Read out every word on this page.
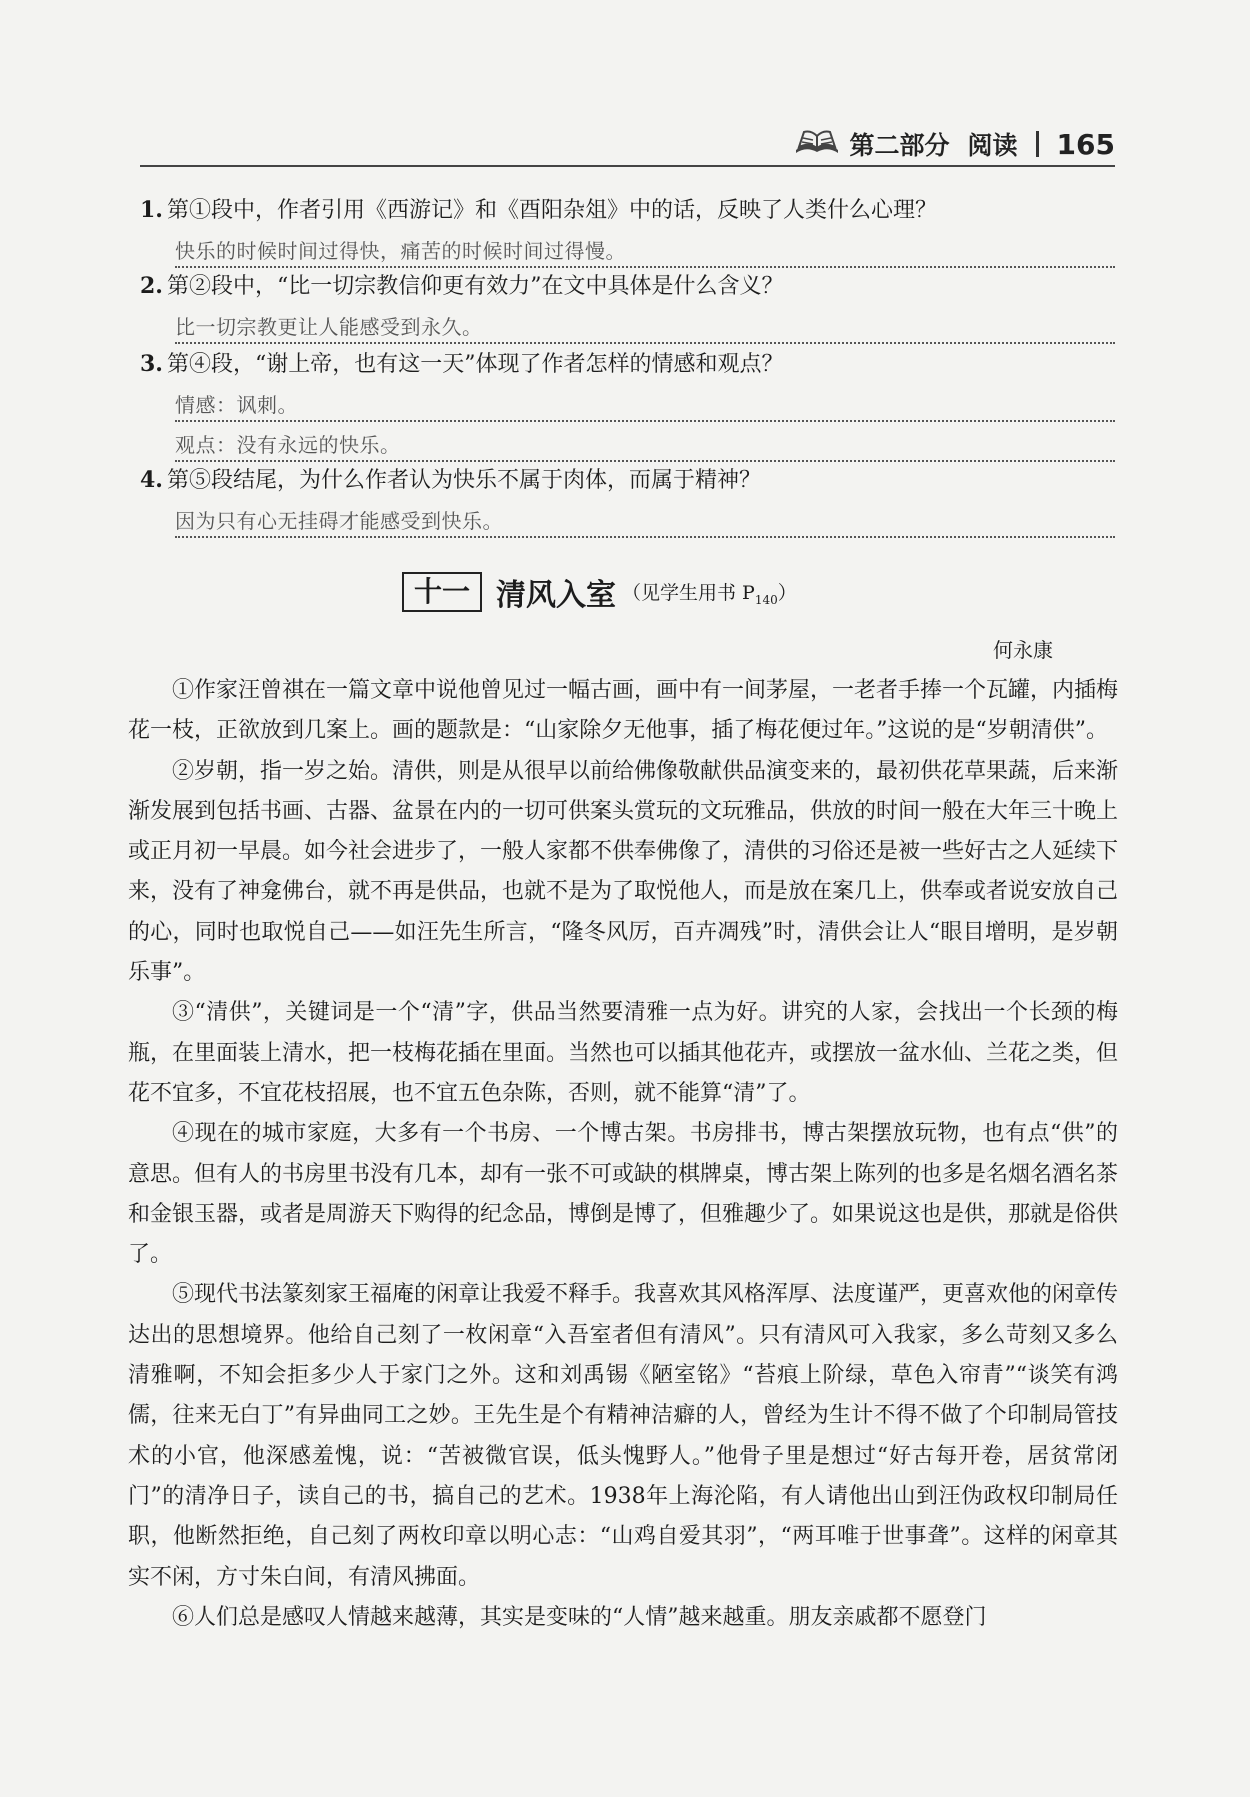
第二部分 阅读 165
1. 第①段中，作者引用《西游记》和《酉阳杂俎》中的话，反映了人类什么心理？
快乐的时候时间过得快，痛苦的时候时间过得慢。
2. 第②段中，“比一切宗教信仰更有效力”在文中具体是什么含义？
比一切宗教更让人能感受到永久。
3. 第④段，“谢上帝，也有这一天”体现了作者怎样的情感和观点？
情感：讽刺。
观点：没有永远的快乐。
4. 第⑤段结尾，为什么作者认为快乐不属于肉体，而属于精神？
因为只有心无挂碍才能感受到快乐。
十一 清风入室 （见学生用书 $P_{140}$）
何永康

①作家汪曾祺在一篇文章中说他曾见过一幅古画，画中有一间茅屋，一老者手捧一个瓦罐，内插梅花一枝，正欲放到几案上。画的题款是：“山家除夕无他事，插了梅花便过年。”这说的是“岁朝清供”。

②岁朝，指一岁之始。清供，则是从很早以前给佛像敬献供品演变来的，最初供花草果蔬，后来渐渐发展到包括书画、古器、盆景在内的一切可供案头赏玩的文玩雅品，供放的时间一般在大年三十晚上或正月初一早晨。如今社会进步了，一般人家都不供奉佛像了，清供的习俗还是被一些好古之人延续下来，没有了神龛佛台，就不再是供品，也就不是为了取悦他人，而是放在案几上，供奉或者说安放自己的心，同时也取悦自己——如汪先生所言，“隆冬风厉，百卉凋残”时，清供会让人“眼目增明，是岁朝乐事”。

③“清供”，关键词是一个“清”字，供品当然要清雅一点为好。讲究的人家，会找出一个长颈的梅瓶，在里面装上清水，把一枝梅花插在里面。当然也可以插其他花卉，或摆放一盆水仙、兰花之类，但花不宜多，不宜花枝招展，也不宜五色杂陈，否则，就不能算“清”了。

④现在的城市家庭，大多有一个书房、一个博古架。书房排书，博古架摆放玩物，也有点“供”的意思。但有人的书房里书没有几本，却有一张不可或缺的棋牌桌，博古架上陈列的也多是名烟名酒名茶和金银玉器，或者是周游天下购得的纪念品，博倒是博了，但雅趣少了。如果说这也是供，那就是俗供了。

⑤现代书法篆刻家王福庵的闲章让我爱不释手。我喜欢其风格浑厚、法度谨严，更喜欢他的闲章传达出的思想境界。他给自己刻了一枚闲章“入吾室者但有清风”。只有清风可入我家，多么苛刻又多么清雅啊，不知会拒多少人于家门之外。这和刘禹锡《陋室铭》“苔痕上阶绿，草色入帘青”“谈笑有鸿儒，往来无白丁”有异曲同工之妙。王先生是个有精神洁癖的人，曾经为生计不得不做了个印制局管技术的小官，他深感羞愧，说：“苦被微官误，低头愧野人。”他骨子里是想过“好古每开卷，居贫常闭门”的清净日子，读自己的书，搞自己的艺术。1938年上海沦陷，有人请他出山到汪伪政权印制局任职，他断然拒绝，自己刻了两枚印章以明心志：“山鸡自爱其羽”，“两耳唯于世事聋”。这样的闲章其实不闲，方寸朱白间，有清风拂面。

⑥人们总是感叹人情越来越薄，其实是变味的“人情”越来越重。朋友亲戚都不愿登门
